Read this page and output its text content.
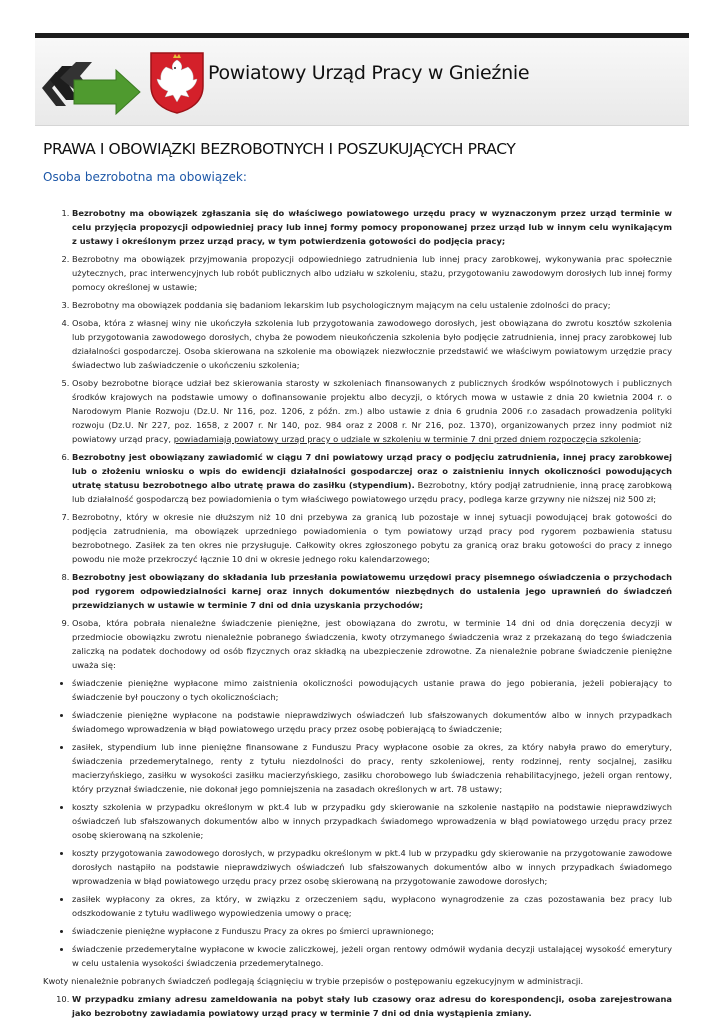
Powiatowy Urząd Pracy w Gnieźnie
PRAWA I OBOWIĄZKI BEZROBOTNYCH I POSZUKUJĄCYCH PRACY
Osoba bezrobotna ma obowiązek:
1. Bezrobotny ma obowiązek zgłaszania się do właściwego powiatowego urzędu pracy w wyznaczonym przez urząd terminie w celu przyjęcia propozycji odpowiedniej pracy lub innej formy pomocy proponowanej przez urząd lub w innym celu wynikającym z ustawy i określonym przez urząd pracy, w tym potwierdzenia gotowości do podjęcia pracy;
2. Bezrobotny ma obowiązek przyjmowania propozycji odpowiedniego zatrudnienia lub innej pracy zarobkowej, wykonywania prac społecznie użytecznych, prac interwencyjnych lub robót publicznych albo udziału w szkoleniu, stażu, przygotowaniu zawodowym dorosłych lub innej formy pomocy określonej w ustawie;
3. Bezrobotny ma obowiązek poddania się badaniom lekarskim lub psychologicznym mającym na celu ustalenie zdolności do pracy;
4. Osoba, która z własnej winy nie ukończyła szkolenia lub przygotowania zawodowego dorosłych, jest obowiązana do zwrotu kosztów szkolenia lub przygotowania zawodowego dorosłych, chyba że powodem nieukończenia szkolenia było podjęcie zatrudnienia, innej pracy zarobkowej lub działalności gospodarczej. Osoba skierowana na szkolenie ma obowiązek niezwłocznie przedstawić we właściwym powiatowym urzędzie pracy świadectwo lub zaświadczenie o ukończeniu szkolenia;
5. Osoby bezrobotne biorące udział bez skierowania starosty w szkoleniach finansowanych z publicznych środków wspólnotowych i publicznych środków krajowych na podstawie umowy o dofinansowanie projektu albo decyzji, o których mowa w ustawie z dnia 20 kwietnia 2004 r. o Narodowym Planie Rozwoju (Dz.U. Nr 116, poz. 1206, z późn. zm.) albo ustawie z dnia 6 grudnia 2006 r.o zasadach prowadzenia polityki rozwoju (Dz.U. Nr 227, poz. 1658, z 2007 r. Nr 140, poz. 984 oraz z 2008 r. Nr 216, poz. 1370), organizowanych przez inny podmiot niż powiatowy urząd pracy, powiadamiają powiatowy urząd pracy o udziale w szkoleniu w terminie 7 dni przed dniem rozpoczęcia szkolenia;
6. Bezrobotny jest obowiązany zawiadomić w ciągu 7 dni powiatowy urząd pracy o podjęciu zatrudnienia, innej pracy zarobkowej lub o złożeniu wniosku o wpis do ewidencji działalności gospodarczej oraz o zaistnieniu innych okoliczności powodujących utratę statusu bezrobotnego albo utratę prawa do zasiłku (stypendium). Bezrobotny, który podjął zatrudnienie, inną pracę zarobkową lub działalność gospodarczą bez powiadomienia o tym właściwego powiatowego urzędu pracy, podlega karze grzywny nie niższej niż 500 zł;
7. Bezrobotny, który w okresie nie dłuższym niż 10 dni przebywa za granicą lub pozostaje w innej sytuacji powodującej brak gotowości do podjęcia zatrudnienia, ma obowiązek uprzedniego powiadomienia o tym powiatowy urząd pracy pod rygorem pozbawienia statusu bezrobotnego. Zasiłek za ten okres nie przysługuje. Całkowity okres zgłoszonego pobytu za granicą oraz braku gotowości do pracy z innego powodu nie może przekroczyć łącznie 10 dni w okresie jednego roku kalendarzowego;
8. Bezrobotny jest obowiązany do składania lub przesłania powiatowemu urzędowi pracy pisemnego oświadczenia o przychodach pod rygorem odpowiedzialności karnej oraz innych dokumentów niezbędnych do ustalenia jego uprawnień do świadczeń przewidzianych w ustawie w terminie 7 dni od dnia uzyskania przychodów;
9. Osoba, która pobrała nienależne świadczenie pieniężne, jest obowiązana do zwrotu, w terminie 14 dni od dnia doręczenia decyzji w przedmiocie obowiązku zwrotu nienależnie pobranego świadczenia, kwoty otrzymanego świadczenia wraz z przekazaną do tego świadczenia zaliczką na podatek dochodowy od osób fizycznych oraz składką na ubezpieczenie zdrowotne. Za nienależnie pobrane świadczenie pieniężne uważa się:
• świadczenie pieniężne wypłacone mimo zaistnienia okoliczności powodujących ustanie prawa do jego pobierania, jeżeli pobierający to świadczenie był pouczony o tych okolicznościach;
• świadczenie pieniężne wypłacone na podstawie nieprawdziwych oświadczeń lub sfałszowanych dokumentów albo w innych przypadkach świadomego wprowadzenia w błąd powiatowego urzędu pracy przez osobę pobierającą to świadczenie;
• zasiłek, stypendium lub inne pieniężne finansowane z Funduszu Pracy wypłacone osobie za okres, za który nabyła prawo do emerytury, świadczenia przedemerytalnego, renty z tytułu niezdolności do pracy, renty szkoleniowej, renty rodzinnej, renty socjalnej, zasiłku macierzyńskiego, zasiłku w wysokości zasiłku macierzyńskiego, zasiłku chorobowego lub świadczenia rehabilitacyjnego, jeżeli organ rentowy, który przyznał świadczenie, nie dokonał jego pomniejszenia na zasadach określonych w art. 78 ustawy;
• koszty szkolenia w przypadku określonym w pkt.4 lub w przypadku gdy skierowanie na szkolenie nastąpiło na podstawie nieprawdziwych oświadczeń lub sfałszowanych dokumentów albo w innych przypadkach świadomego wprowadzenia w błąd powiatowego urzędu pracy przez osobę skierowaną na szkolenie;
• koszty przygotowania zawodowego dorosłych, w przypadku określonym w pkt.4 lub w przypadku gdy skierowanie na przygotowanie zawodowe dorosłych nastąpiło na podstawie nieprawdziwych oświadczeń lub sfałszowanych dokumentów albo w innych przypadkach świadomego wprowadzenia w błąd powiatowego urzędu pracy przez osobę skierowaną na przygotowanie zawodowe dorosłych;
• zasiłek wypłacony za okres, za który, w związku z orzeczeniem sądu, wypłacono wynagrodzenie za czas pozostawania bez pracy lub odszkodowanie z tytułu wadliwego wypowiedzenia umowy o pracę;
• świadczenie pieniężne wypłacone z Funduszu Pracy za okres po śmierci uprawnionego;
• świadczenie przedemerytalne wypłacone w kwocie zaliczkowej, jeżeli organ rentowy odmówił wydania decyzji ustalającej wysokość emerytury w celu ustalenia wysokości świadczenia przedemerytalnego.

Kwoty nienależnie pobranych świadczeń podlegają ściągnięciu w trybie przepisów o postępowaniu egzekucyjnym w administracji.

10. W przypadku zmiany adresu zameldowania na pobyt stały lub czasowy oraz adresu do korespondencji, osoba zarejestrowana jako bezrobotny zawiadamia powiatowy urząd pracy w terminie 7 dni od dnia wystąpienia zmiany.
